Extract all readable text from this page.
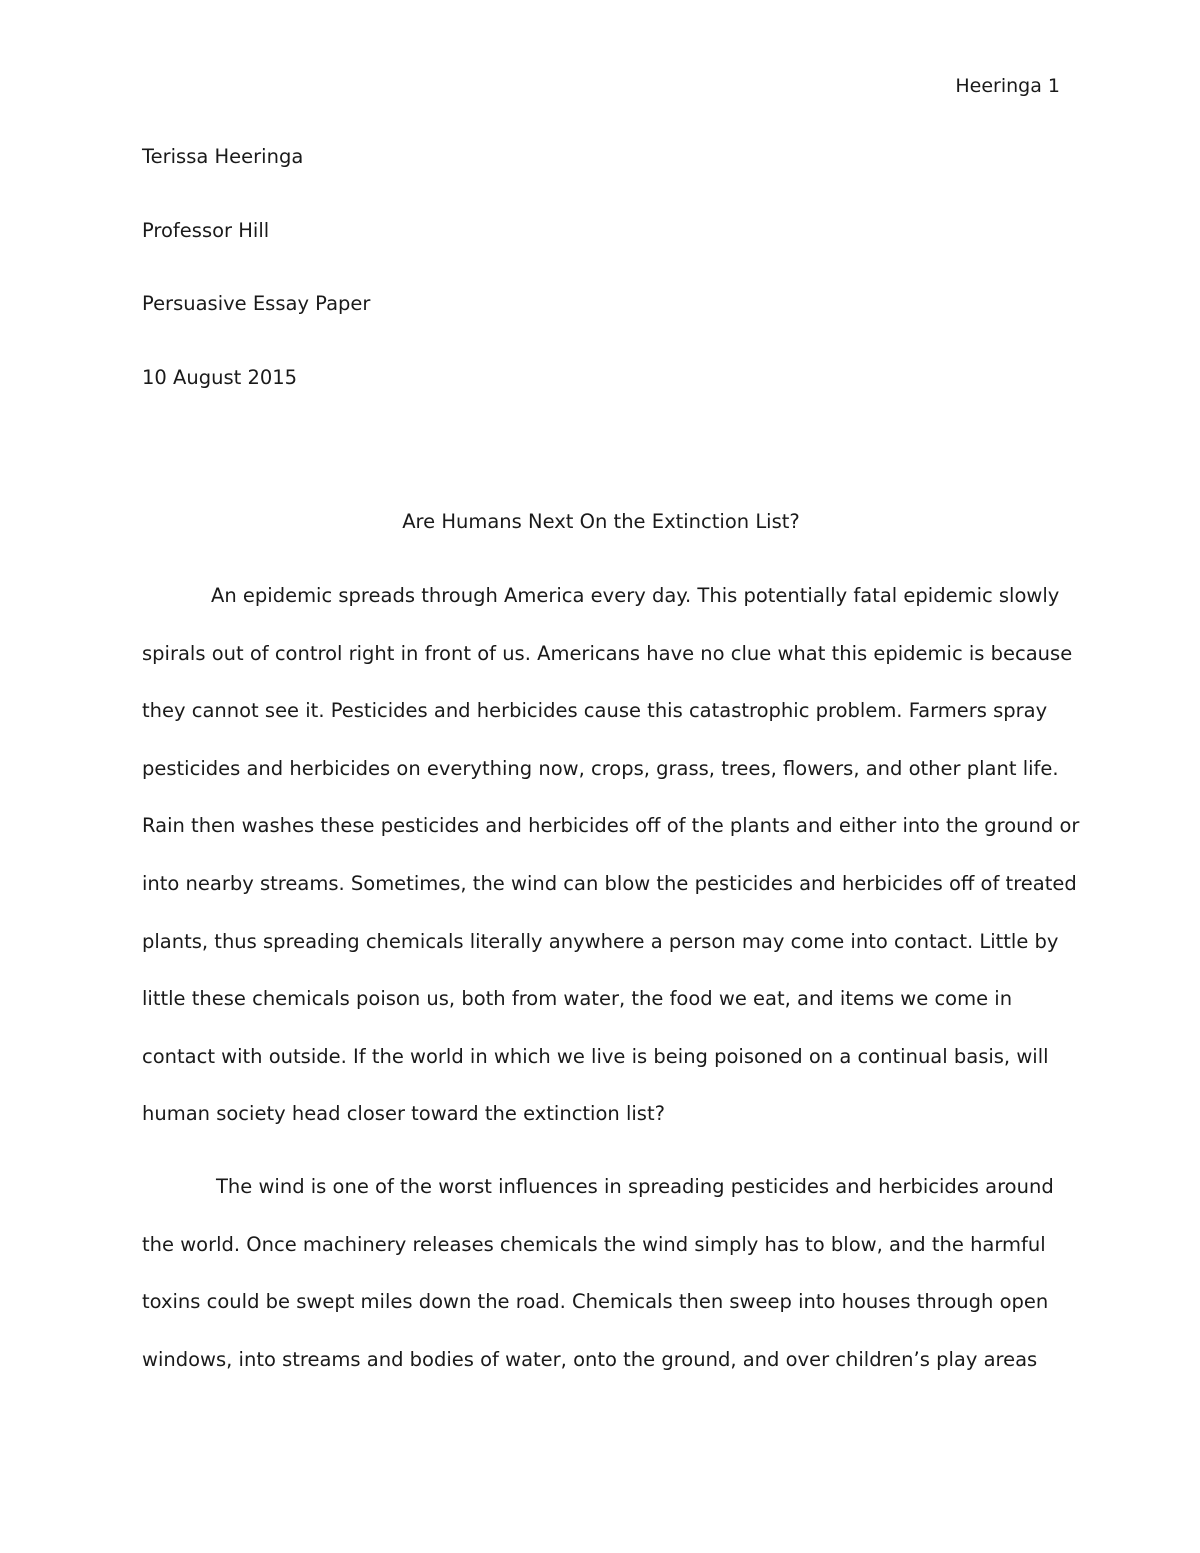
Heeringa 1
Terissa Heeringa
Professor Hill
Persuasive Essay Paper
10 August 2015
Are Humans Next On the Extinction List?
An epidemic spreads through America every day. This potentially fatal epidemic slowly
spirals out of control right in front of us. Americans have no clue what this epidemic is because
they cannot see it. Pesticides and herbicides cause this catastrophic problem. Farmers spray
pesticides and herbicides on everything now, crops, grass, trees, flowers, and other plant life.
Rain then washes these pesticides and herbicides off of the plants and either into the ground or
into nearby streams. Sometimes, the wind can blow the pesticides and herbicides off of treated
plants, thus spreading chemicals literally anywhere a person may come into contact. Little by
little these chemicals poison us, both from water, the food we eat, and items we come in
contact with outside. If the world in which we live is being poisoned on a continual basis, will
human society head closer toward the extinction list?
The wind is one of the worst influences in spreading pesticides and herbicides around
the world. Once machinery releases chemicals the wind simply has to blow, and the harmful
toxins could be swept miles down the road. Chemicals then sweep into houses through open
windows, into streams and bodies of water, onto the ground, and over children’s play areas
